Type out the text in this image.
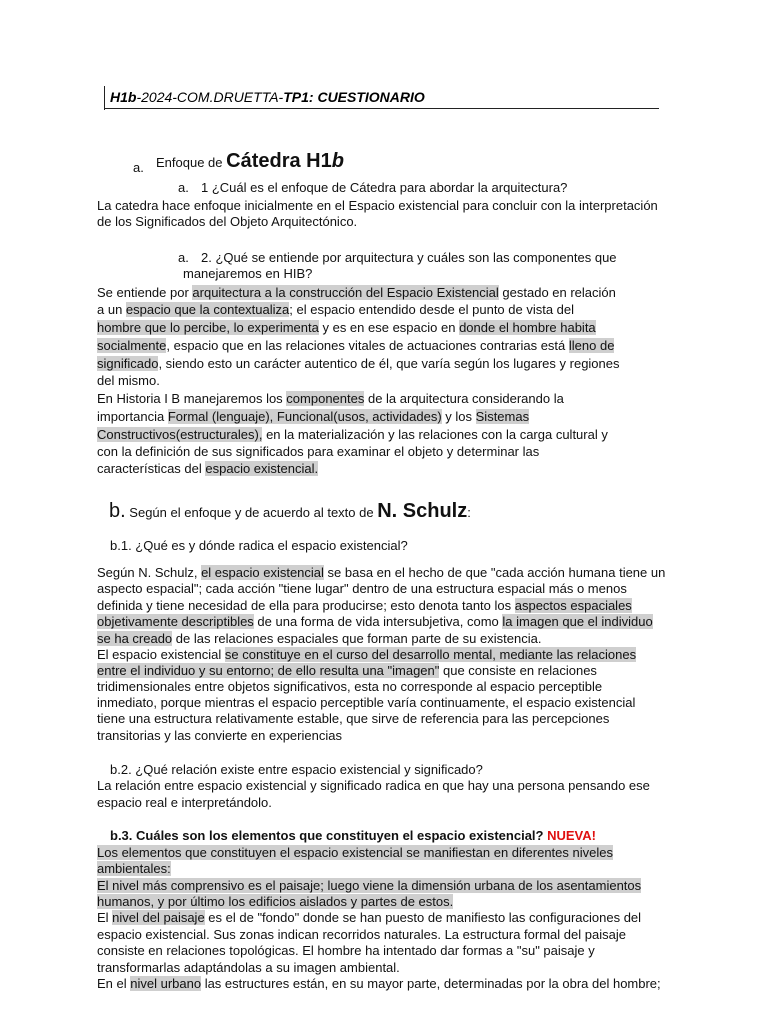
H1b-2024-COM.DRUETTA-TP1: CUESTIONARIO
a. Enfoque de Cátedra H1b
a. 1 ¿Cuál es el enfoque de Cátedra para abordar la arquitectura?
La catedra hace enfoque inicialmente en el Espacio existencial para concluir con la interpretación
de los Significados del Objeto Arquitectónico.
a. 2. ¿Qué se entiende por arquitectura y cuáles son las componentes que
manejaremos en HIB?
Se entiende por arquitectura a la construcción del Espacio Existencial gestado en relación
a un espacio que la contextualiza; el espacio entendido desde el punto de vista del
hombre que lo percibe, lo experimenta y es en ese espacio en donde el hombre habita
socialmente, espacio que en las relaciones vitales de actuaciones contrarias está lleno de
significado, siendo esto un carácter autentico de él, que varía según los lugares y regiones
del mismo.
En Historia I B manejaremos los componentes de la arquitectura considerando la
importancia Formal (lenguaje), Funcional(usos, actividades) y los Sistemas
Constructivos(estructurales), en la materialización y las relaciones con la carga cultural y
con la definición de sus significados para examinar el objeto y determinar las
características del espacio existencial.
b. Según el enfoque y de acuerdo al texto de N. Schulz:
b.1. ¿Qué es y dónde radica el espacio existencial?
Según N. Schulz, el espacio existencial se basa en el hecho de que "cada acción humana tiene un
aspecto espacial"; cada acción "tiene lugar" dentro de una estructura espacial más o menos
definida y tiene necesidad de ella para producirse; esto denota tanto los aspectos espaciales
objetivamente descriptibles de una forma de vida intersubjetiva, como la imagen que el individuo
se ha creado de las relaciones espaciales que forman parte de su existencia.
El espacio existencial se constituye en el curso del desarrollo mental, mediante las relaciones
entre el individuo y su entorno; de ello resulta una "imagen" que consiste en relaciones
tridimensionales entre objetos significativos, esta no corresponde al espacio perceptible
inmediato, porque mientras el espacio perceptible varía continuamente, el espacio existencial
tiene una estructura relativamente estable, que sirve de referencia para las percepciones
transitorias y las convierte en experiencias
b.2. ¿Qué relación existe entre espacio existencial y significado?
La relación entre espacio existencial y significado radica en que hay una persona pensando ese
espacio real e interpretándolo.
b.3. Cuáles son los elementos que constituyen el espacio existencial? NUEVA!
Los elementos que constituyen el espacio existencial se manifiestan en diferentes niveles
ambientales:
El nivel más comprensivo es el paisaje; luego viene la dimensión urbana de los asentamientos
humanos, y por último los edificios aislados y partes de estos.
El nivel del paisaje es el de "fondo" donde se han puesto de manifiesto las configuraciones del
espacio existencial. Sus zonas indican recorridos naturales. La estructura formal del paisaje
consiste en relaciones topológicas. El hombre ha intentado dar formas a "su" paisaje y
transformarlas adaptándolas a su imagen ambiental.
En el nivel urbano las estructures están, en su mayor parte, determinadas por la obra del hombre;
